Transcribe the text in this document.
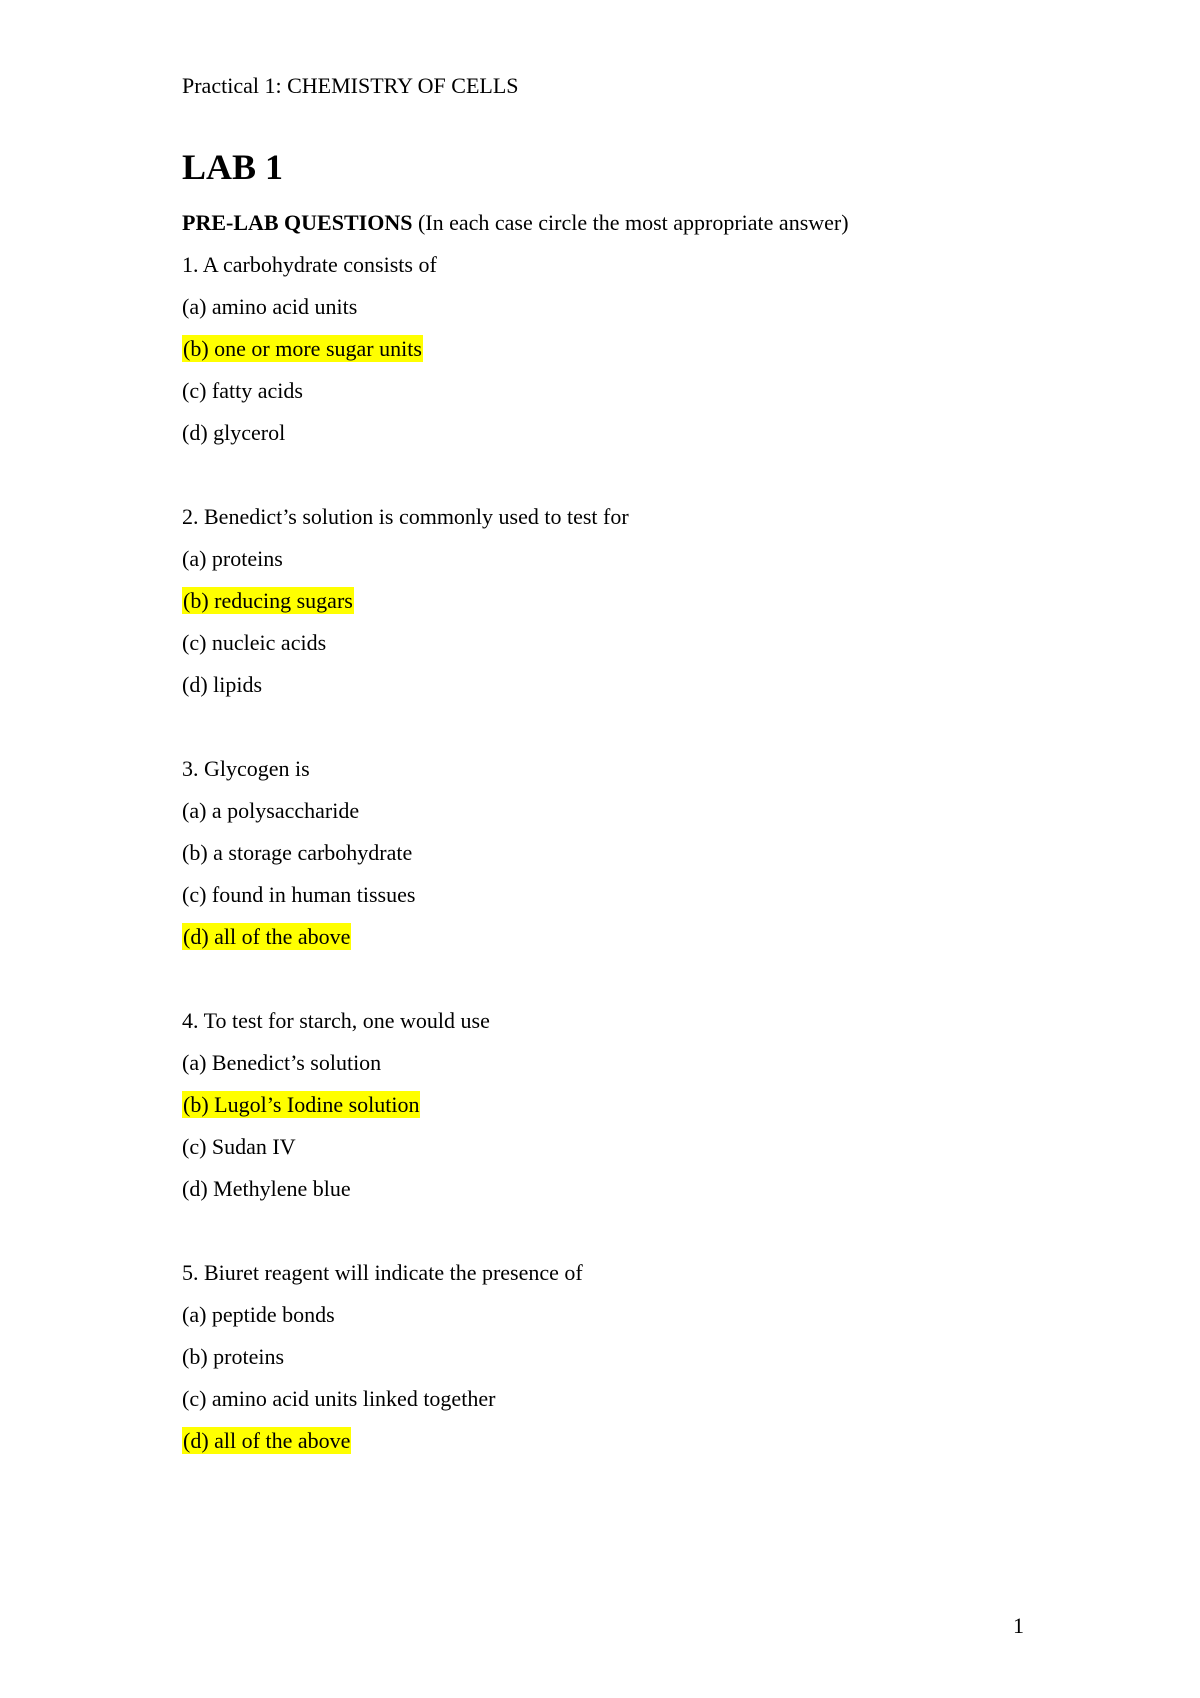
Practical 1: CHEMISTRY OF CELLS
LAB 1
PRE-LAB QUESTIONS (In each case circle the most appropriate answer)
1. A carbohydrate consists of
(a) amino acid units
(b) one or more sugar units
(c) fatty acids
(d) glycerol
2. Benedict’s solution is commonly used to test for
(a) proteins
(b) reducing sugars
(c) nucleic acids
(d) lipids
3. Glycogen is
(a) a polysaccharide
(b) a storage carbohydrate
(c) found in human tissues
(d) all of the above
4. To test for starch, one would use
(a) Benedict’s solution
(b) Lugol’s Iodine solution
(c) Sudan IV
(d) Methylene blue
5. Biuret reagent will indicate the presence of
(a) peptide bonds
(b) proteins
(c) amino acid units linked together
(d) all of the above
1
